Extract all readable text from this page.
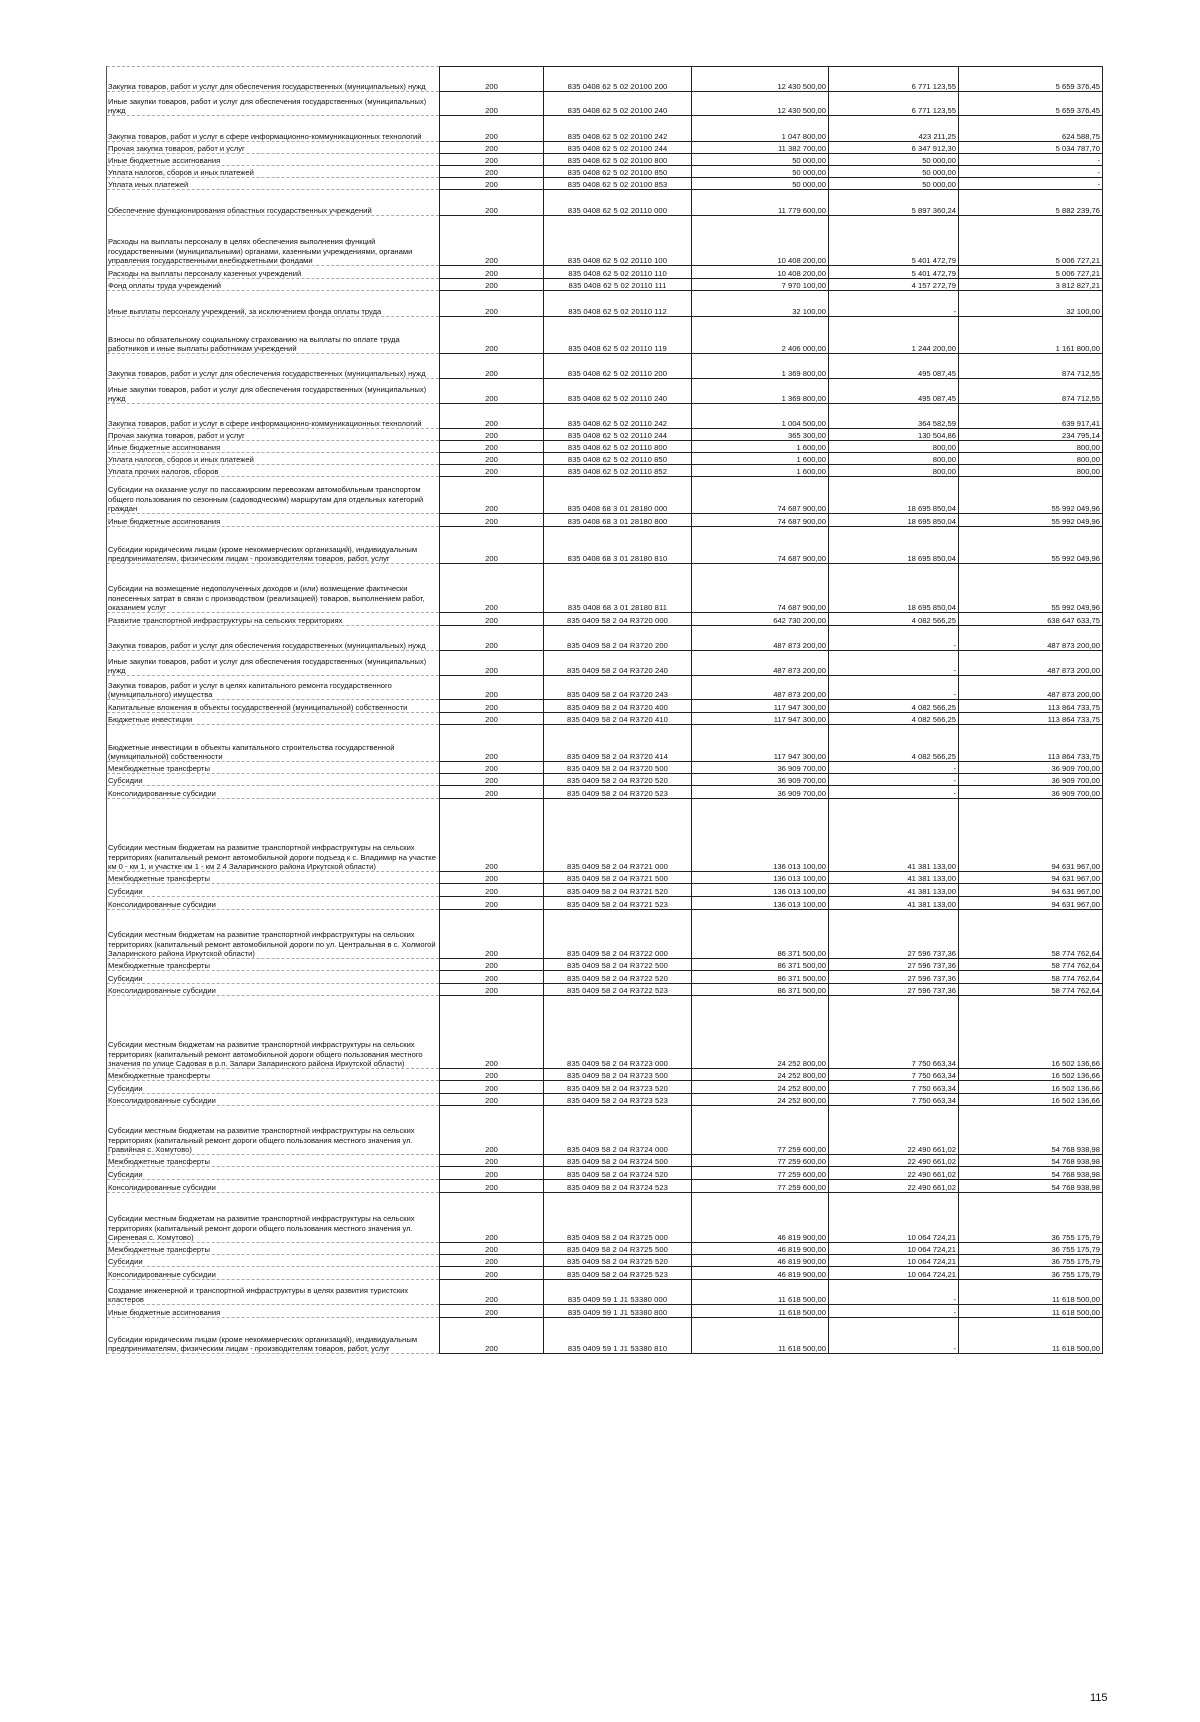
Закупка товаров, работ и услуг для обеспечения государственных (муниципальных) нужд	200	835 0408 62 5 02 20100 200	12 430 500,00	6 771 123,55	5 659 376,45
Иные закупки товаров, работ и услуг для обеспечения государственных (муниципальных) нужд	200	835 0408 62 5 02 20100 240	12 430 500,00	6 771 123,55	5 659 376,45
Закупка товаров, работ и услуг в сфере информационно-коммуникационных технологий	200	835 0408 62 5 02 20100 242	1 047 800,00	423 211,25	624 588,75
Прочая закупка товаров, работ и услуг	200	835 0408 62 5 02 20100 244	11 382 700,00	6 347 912,30	5 034 787,70
Иные бюджетные ассигнования	200	835 0408 62 5 02 20100 800	50 000,00	50 000,00	-
Уплата налогов, сборов и иных платежей	200	835 0408 62 5 02 20100 850	50 000,00	50 000,00	-
Уплата иных платежей	200	835 0408 62 5 02 20100 853	50 000,00	50 000,00	-
Обеспечение функционирования областных государственных учреждений	200	835 0408 62 5 02 20110 000	11 779 600,00	5 897 360,24	5 882 239,76
Расходы на выплаты персоналу в целях обеспечения выполнения функций государственными (муниципальными) органами, казенными учреждениями, органами управления государственными внебюджетными фондами	200	835 0408 62 5 02 20110 100	10 408 200,00	5 401 472,79	5 006 727,21
Расходы на выплаты персоналу казенных учреждений	200	835 0408 62 5 02 20110 110	10 408 200,00	5 401 472,79	5 006 727,21
Фонд оплаты труда учреждений	200	835 0408 62 5 02 20110 111	7 970 100,00	4 157 272,79	3 812 827,21
Иные выплаты персоналу учреждений, за исключением фонда оплаты труда	200	835 0408 62 5 02 20110 112	32 100,00	-	32 100,00
Взносы по обязательному социальному страхованию на выплаты по оплате труда работников и иные выплаты работникам учреждений	200	835 0408 62 5 02 20110 119	2 406 000,00	1 244 200,00	1 161 800,00
Закупка товаров, работ и услуг для обеспечения государственных (муниципальных) нужд	200	835 0408 62 5 02 20110 200	1 369 800,00	495 087,45	874 712,55
Иные закупки товаров, работ и услуг для обеспечения государственных (муниципальных) нужд	200	835 0408 62 5 02 20110 240	1 369 800,00	495 087,45	874 712,55
Закупка товаров, работ и услуг в сфере информационно-коммуникационных технологий	200	835 0408 62 5 02 20110 242	1 004 500,00	364 582,59	639 917,41
Прочая закупка товаров, работ и услуг	200	835 0408 62 5 02 20110 244	365 300,00	130 504,86	234 795,14
Иные бюджетные ассигнования	200	835 0408 62 5 02 20110 800	1 600,00	800,00	800,00
Уплата налогов, сборов и иных платежей	200	835 0408 62 5 02 20110 850	1 600,00	800,00	800,00
Уплата прочих налогов, сборов	200	835 0408 62 5 02 20110 852	1 600,00	800,00	800,00
Субсидии на оказание услуг по пассажирским перевозкам автомобильным транспортом общего пользования по сезонным (садоводческим) маршрутам для отдельных категорий граждан	200	835 0408 68 3 01 28180 000	74 687 900,00	18 695 850,04	55 992 049,96
Иные бюджетные ассигнования	200	835 0408 68 3 01 28180 800	74 687 900,00	18 695 850,04	55 992 049,96
Субсидии юридическим лицам (кроме некоммерческих организаций), индивидуальным предпринимателям, физическим лицам - производителям товаров, работ, услуг	200	835 0408 68 3 01 28180 810	74 687 900,00	18 695 850,04	55 992 049,96
Субсидии на возмещение недополученных доходов и (или) возмещение фактически понесенных затрат в связи с производством (реализацией) товаров, выполнением работ, оказанием услуг	200	835 0408 68 3 01 28180 811	74 687 900,00	18 695 850,04	55 992 049,96
Развитие транспортной инфраструктуры на сельских территориях	200	835 0409 58 2 04 R3720 000	642 730 200,00	4 082 566,25	638 647 633,75
Закупка товаров, работ и услуг для обеспечения государственных (муниципальных) нужд	200	835 0409 58 2 04 R3720 200	487 873 200,00	-	487 873 200,00
Иные закупки товаров, работ и услуг для обеспечения государственных (муниципальных) нужд	200	835 0409 58 2 04 R3720 240	487 873 200,00	-	487 873 200,00
Закупка товаров, работ и услуг в целях капитального ремонта государственного (муниципального) имущества	200	835 0409 58 2 04 R3720 243	487 873 200,00	-	487 873 200,00
Капитальные вложения в объекты государственной (муниципальной) собственности	200	835 0409 58 2 04 R3720 400	117 947 300,00	4 082 566,25	113 864 733,75
Бюджетные инвестиции	200	835 0409 58 2 04 R3720 410	117 947 300,00	4 082 566,25	113 864 733,75
Бюджетные инвестиции в объекты капитального строительства государственной (муниципальной) собственности	200	835 0409 58 2 04 R3720 414	117 947 300,00	4 082 566,25	113 864 733,75
Межбюджетные трансферты	200	835 0409 58 2 04 R3720 500	36 909 700,00	-	36 909 700,00
Субсидии	200	835 0409 58 2 04 R3720 520	36 909 700,00	-	36 909 700,00
Консолидированные субсидии	200	835 0409 58 2 04 R3720 523	36 909 700,00	-	36 909 700,00
Субсидии местным бюджетам на развитие транспортной инфраструктуры на сельских территориях (капитальный ремонт автомобильной дороги подъезд к с. Владимир на участке км 0 - км 1, и участке км 1 - км 2 4 Заларинского района Иркутской области)	200	835 0409 58 2 04 R3721 000	136 013 100,00	41 381 133,00	94 631 967,00
Межбюджетные трансферты	200	835 0409 58 2 04 R3721 500	136 013 100,00	41 381 133,00	94 631 967,00
Субсидии	200	835 0409 58 2 04 R3721 520	136 013 100,00	41 381 133,00	94 631 967,00
Консолидированные субсидии	200	835 0409 58 2 04 R3721 523	136 013 100,00	41 381 133,00	94 631 967,00
Субсидии местным бюджетам на развитие транспортной инфраструктуры на сельских территориях (капитальный ремонт автомобильной дороги по ул. Центральная в с. Холмогой Заларинского района Иркутской области)	200	835 0409 58 2 04 R3722 000	86 371 500,00	27 596 737,36	58 774 762,64
Межбюджетные трансферты	200	835 0409 58 2 04 R3722 500	86 371 500,00	27 596 737,36	58 774 762,64
Субсидии	200	835 0409 58 2 04 R3722 520	86 371 500,00	27 596 737,36	58 774 762,64
Консолидированные субсидии	200	835 0409 58 2 04 R3722 523	86 371 500,00	27 596 737,36	58 774 762,64
Субсидии местным бюджетам на развитие транспортной инфраструктуры на сельских территориях (капитальный ремонт автомобильной дороги общего пользования местного значения по улице Садовая в р.п. Залари Заларинского района Иркутской области)	200	835 0409 58 2 04 R3723 000	24 252 800,00	7 750 663,34	16 502 136,66
Межбюджетные трансферты	200	835 0409 58 2 04 R3723 500	24 252 800,00	7 750 663,34	16 502 136,66
Субсидии	200	835 0409 58 2 04 R3723 520	24 252 800,00	7 750 663,34	16 502 136,66
Консолидированные субсидии	200	835 0409 58 2 04 R3723 523	24 252 800,00	7 750 663,34	16 502 136,66
Субсидии местным бюджетам на развитие транспортной инфраструктуры на сельских территориях (капитальный ремонт дороги общего пользования местного значения ул. Гравийная с. Хомутово)	200	835 0409 58 2 04 R3724 000	77 259 600,00	22 490 661,02	54 768 938,98
Межбюджетные трансферты	200	835 0409 58 2 04 R3724 500	77 259 600,00	22 490 661,02	54 768 938,98
Субсидии	200	835 0409 58 2 04 R3724 520	77 259 600,00	22 490 661,02	54 768 938,98
Консолидированные субсидии	200	835 0409 58 2 04 R3724 523	77 259 600,00	22 490 661,02	54 768 938,98
Субсидии местным бюджетам на развитие транспортной инфраструктуры на сельских территориях (капитальный ремонт дороги общего пользования местного значения ул. Сиреневая с. Хомутово)	200	835 0409 58 2 04 R3725 000	46 819 900,00	10 064 724,21	36 755 175,79
Межбюджетные трансферты	200	835 0409 58 2 04 R3725 500	46 819 900,00	10 064 724,21	36 755 175,79
Субсидии	200	835 0409 58 2 04 R3725 520	46 819 900,00	10 064 724,21	36 755 175,79
Консолидированные субсидии	200	835 0409 58 2 04 R3725 523	46 819 900,00	10 064 724,21	36 755 175,79
Создание инженерной и транспортной инфраструктуры в целях развития туристских кластеров	200	835 0409 59 1 J1 53380 000	11 618 500,00	-	11 618 500,00
Иные бюджетные ассигнования	200	835 0409 59 1 J1 53380 800	11 618 500,00	-	11 618 500,00
Субсидии юридическим лицам (кроме некоммерческих организаций), индивидуальным предпринимателям, физическим лицам - производителям товаров, работ, услуг	200	835 0409 59 1 J1 53380 810	11 618 500,00	-	11 618 500,00
115
